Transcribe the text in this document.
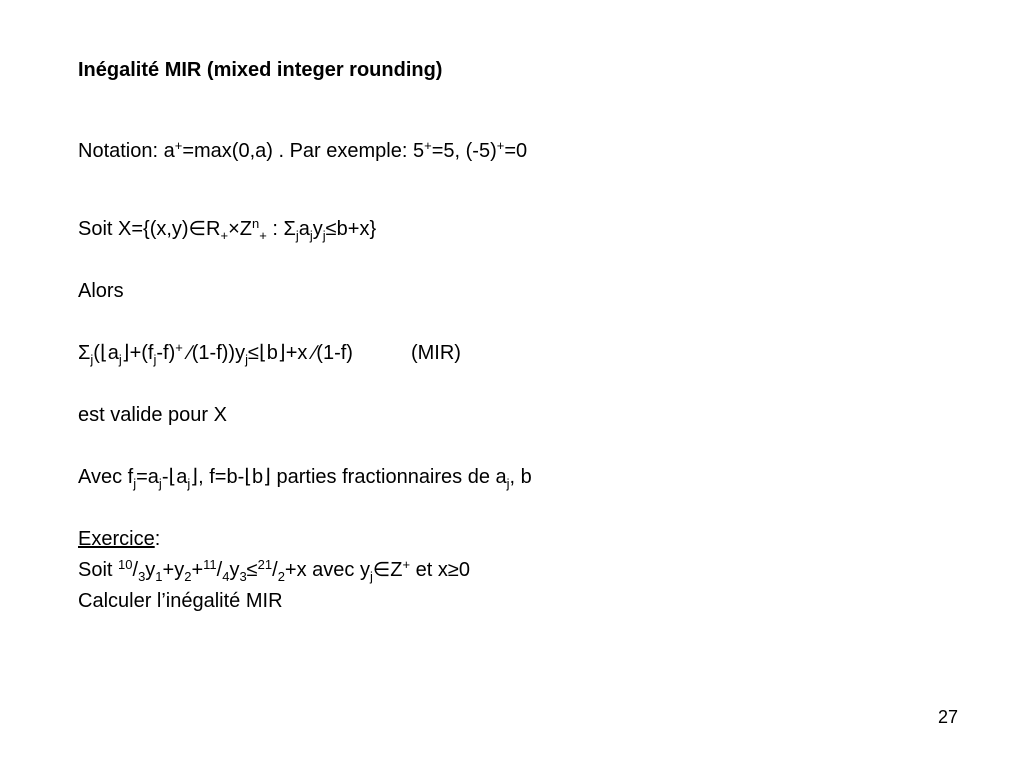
Inégalité MIR (mixed integer rounding)
Notation: a+=max(0,a) . Par exemple: 5+=5, (-5)+=0
Soit $X=\{(x,y)\in R_+\times Z^n_+$ : $\Sigma_ja_jy_j\le b+x$}
Alors
$\Sigma_j(⌊a_j⌋+(f_j-f)^+$ $∕(1-f))y_j\le⌊b⌋+x$ ∕(1-f)	(MIR)
est valide pour X
Avec $f_j=a_j-⌊a_j⌋$, f=b-⌊b⌋ parties fractionnaires de $a_j$, b
Exercice:
Soit $^{10}/_3y_1+y_2+^{11}/_4y_3\le^{21}/_2+x$ avec $y_j\in Z^+$ et x≥0
Calculer l’inégalité MIR
27
